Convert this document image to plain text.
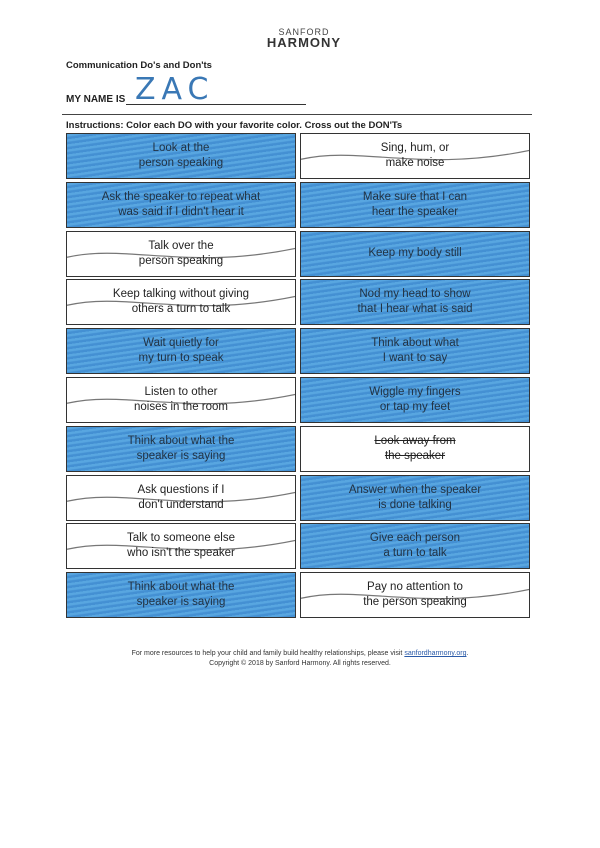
SANFORD
HARMONY
Communication Do's and Don'ts
MY NAME IS ZAC
Instructions: Color each DO with your favorite color. Cross out the DON'Ts
Look at the
person speaking
Sing, hum, or
make noise
Ask the speaker to repeat what
was said if I didn't hear it
Make sure that I can
hear the speaker
Talk over the
person speaking
Keep my body still
Keep talking without giving
others a turn to talk
Nod my head to show
that I hear what is said
Wait quietly for
my turn to speak
Think about what
I want to say
Listen to other
noises in the room
Wiggle my fingers
or tap my feet
Think about what the
speaker is saying
Look away from
the speaker
Ask questions if I
don't understand
Answer when the speaker
is done talking
Talk to someone else
who isn't the speaker
Give each person
a turn to talk
Think about what the
speaker is saying
Pay no attention to
the person speaking
For more resources to help your child and family build healthy relationships, please visit sanfordharmony.org.
Copyright © 2018 by Sanford Harmony. All rights reserved.
